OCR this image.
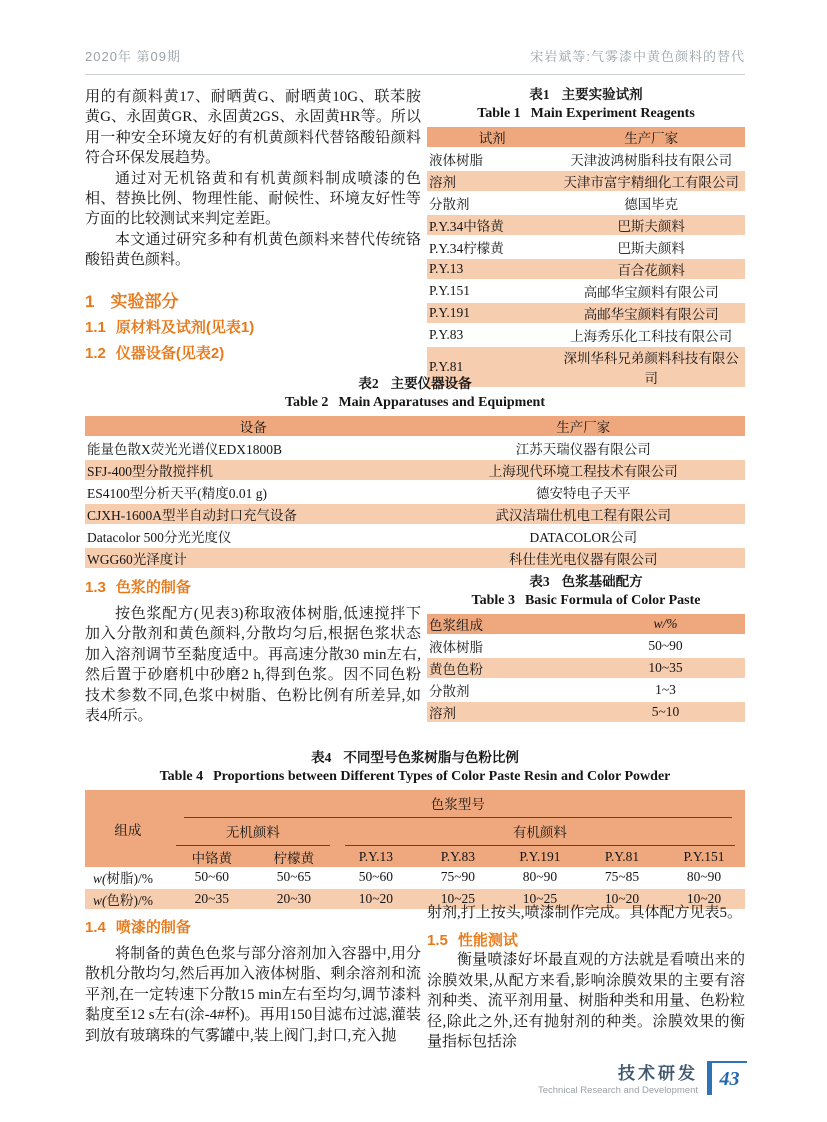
2020年 第09期	宋岩斌等:气雾漆中黄色颜料的替代

用的有颜料黄17、耐晒黄G、耐晒黄10G、联苯胺黄G、永固黄GR、永固黄2GS、永固黄HR等。所以用一种安全环境友好的有机黄颜料代替铬酸铅颜料符合环保发展趋势。

通过对无机铬黄和有机黄颜料制成喷漆的色相、替换比例、物理性能、耐候性、环境友好性等方面的比较测试来判定差距。

本文通过研究多种有机黄色颜料来替代传统铬酸铅黄色颜料。

1 实验部分
1.1 原材料及试剂(见表1)
1.2 仪器设备(见表2)
表1 主要实验试剂
Table 1 Main Experiment Reagents
试剂	生产厂家
液体树脂	天津波鸿树脂科技有限公司
溶剂	天津市富宇精细化工有限公司
分散剂	德国毕克
P.Y.34中铬黄	巴斯夫颜料
P.Y.34柠檬黄	巴斯夫颜料
P.Y.13	百合花颜料
P.Y.151	高邮华宝颜料有限公司
P.Y.191	高邮华宝颜料有限公司
P.Y.83	上海秀乐化工科技有限公司
P.Y.81	深圳华科兄弟颜料科技有限公司
表2 主要仪器设备
Table 2 Main Apparatuses and Equipment
设备	生产厂家
能量色散X荧光光谱仪EDX1800B	江苏天瑞仪器有限公司
SFJ-400型分散搅拌机	上海现代环境工程技术有限公司
ES4100型分析天平(精度0.01 g)	德安特电子天平
CJXH-1600A型半自动封口充气设备	武汉洁瑞仕机电工程有限公司
Datacolor 500分光光度仪	DATACOLOR公司
WGG60光泽度计	科仕佳光电仪器有限公司
1.3 色浆的制备

按色浆配方(见表3)称取液体树脂,低速搅拌下加入分散剂和黄色颜料,分散均匀后,根据色浆状态加入溶剂调节至黏度适中。再高速分散30 min左右,然后置于砂磨机中砂磨2 h,得到色浆。因不同色粉技术参数不同,色浆中树脂、色粉比例有所差异,如表4所示。

表3 色浆基础配方
Table 3 Basic Formula of Color Paste
色浆组成	w/%
液体树脂	50~90
黄色色粉	10~35
分散剂	1~3
溶剂	5~10
表4 不同型号色浆树脂与色粉比例
Table 4 Proportions between Different Types of Color Paste Resin and Color Powder
组成	色浆型号						

	无机颜料		有机颜料				

	中铬黄	柠檬黄	P.Y.13	P.Y.83	P.Y.191	P.Y.81	P.Y.151
w(树脂)/%	50~60	50~65	50~60	75~90	80~90	75~85	80~90
w(色粉)/%	20~35	20~30	10~20	10~25	10~25	10~20	10~20
1.4 喷漆的制备

将制备的黄色色浆与部分溶剂加入容器中,用分散机分散均匀,然后再加入液体树脂、剩余溶剂和流平剂,在一定转速下分散15 min左右至均匀,调节漆料黏度至12 s左右(涂-4#杯)。再用150目滤布过滤,灌装到放有玻璃珠的气雾罐中,装上阀门,封口,充入抛

射剂,打上按头,喷漆制作完成。具体配方见表5。

1.5 性能测试

衡量喷漆好坏最直观的方法就是看喷出来的涂膜效果,从配方来看,影响涂膜效果的主要有溶剂种类、流平剂用量、树脂种类和用量、色粉粒径,除此之外,还有抛射剂的种类。涂膜效果的衡量指标包括涂

技术研发
Technical Research and Development
43
